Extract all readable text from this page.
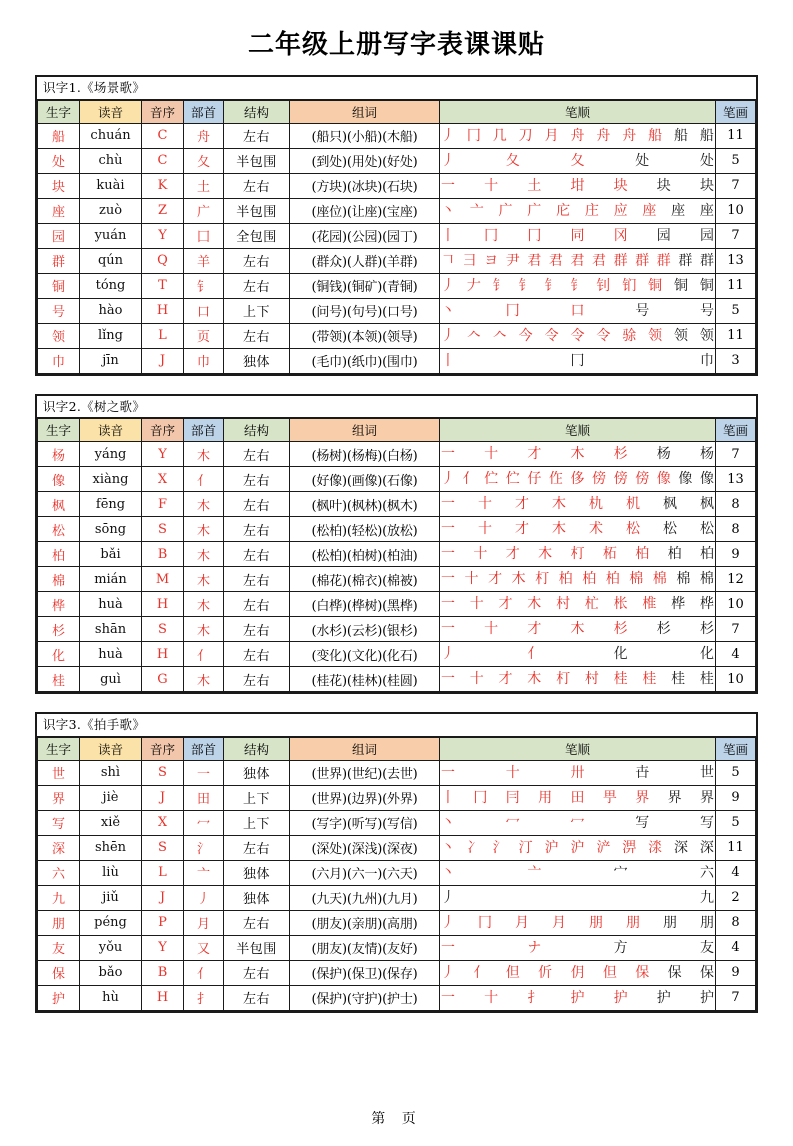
二年级上册写字表课课贴
识字1.《场景歌》
生字	读音	音序	部首	结构	组词	笔顺	笔画
船	chuán	C	舟	左右	(船只)(小船)(木船)	丿 冂 几 刀 月 舟 舟 舟 船 船 船	11
处	chù	C	夂	半包围	(到处)(用处)(好处)	丿 夂 夂 处 处	5
块	kuài	K	土	左右	(方块)(冰块)(石块)	一 十 土 坩 块 块 块	7
座	zuò	Z	广	半包围	(座位)(让座)(宝座)	丶 亠 广 广 庀 庄 应 座 座 座	10
园	yuán	Y	囗	全包围	(花园)(公园)(园丁)	丨 冂 冂 同 冈 园 园	7
群	qún	Q	羊	左右	(群众)(人群)(羊群)	𠃍 ⺕ ヨ 尹 君 君 君 君 群 群 群 群 群	13
铜	tóng	T	钅	左右	(铜钱)(铜矿)(青铜)	丿 𠂇 钅 钅 钅 钅 钊 钔 铜 铜 铜	11
号	hào	H	口	上下	(问号)(句号)(口号)	丶 冂 口 号 号	5
领	lǐng	L	页	左右	(带领)(本领)(领导)	丿 𠆢 𠆢 今 令 令 令 𬳿 领 领 领	11
巾	jīn	J	巾	独体	(毛巾)(纸巾)(围巾)	丨 冂 巾	3
识字2.《树之歌》
生字	读音	音序	部首	结构	组词	笔顺	笔画
杨	yáng	Y	木	左右	(杨树)(杨梅)(白杨)	一 十 才 木 杉 杨 杨	7
像	xiàng	X	亻	左右	(好像)(画像)(石像)	丿 亻 伫 伫 仔 㑅 侈 傍 傍 傍 像 像 像	13
枫	fēng	F	木	左右	(枫叶)(枫林)(枫木)	一 十 才 木 朹 机 枫 枫	8
松	sōng	S	木	左右	(松柏)(轻松)(放松)	一 十 才 木 术 松 松 松	8
柏	bǎi	B	木	左右	(松柏)(柏树)(柏油)	一 十 才 木 朾 柘 柏 柏 柏	9
棉	mián	M	木	左右	(棉花)(棉衣)(棉被)	一 十 才 木 朾 柏 柏 柏 棉 棉 棉 棉	12
桦	huà	H	木	左右	(白桦)(桦树)(黑桦)	一 十 才 木 村 杧 枨 椎 桦 桦	10
杉	shān	S	木	左右	(水杉)(云杉)(银杉)	一 十 才 木 杉 杉 杉	7
化	huà	H	亻	左右	(变化)(文化)(化石)	丿 亻 化 化	4
桂	guì	G	木	左右	(桂花)(桂林)(桂圆)	一 十 才 木 朾 村 桂 桂 桂 桂	10
识字3.《拍手歌》
生字	读音	音序	部首	结构	组词	笔顺	笔画
世	shì	S	一	独体	(世界)(世纪)(去世)	一 十 卅 卋 世	5
界	jiè	J	田	上下	(世界)(边界)(外界)	丨 冂 冃 用 田 甼 界 界 界	9
写	xiě	X	冖	上下	(写字)(听写)(写信)	丶 冖 冖 写 写	5
深	shēn	S	氵	左右	(深处)(深浅)(深夜)	丶 冫 氵 汀 沪 沪 浐 淠 渁 深 深	11
六	liù	L	亠	独体	(六月)(六一)(六天)	丶 亠 宀 六	4
九	jiǔ	J	丿	独体	(九天)(九州)(九月)	丿 九	2
朋	péng	P	月	左右	(朋友)(亲朋)(高朋)	丿 冂 月 月 朋 朋 朋 朋	8
友	yǒu	Y	又	半包围	(朋友)(友情)(友好)	一 ナ 方 友	4
保	bǎo	B	亻	左右	(保护)(保卫)(保存)	丿 亻 但 伒 仴 但 保 保 保	9
护	hù	H	扌	左右	(保护)(守护)(护士)	一 十 扌 护 护 护 护	7
第 页
